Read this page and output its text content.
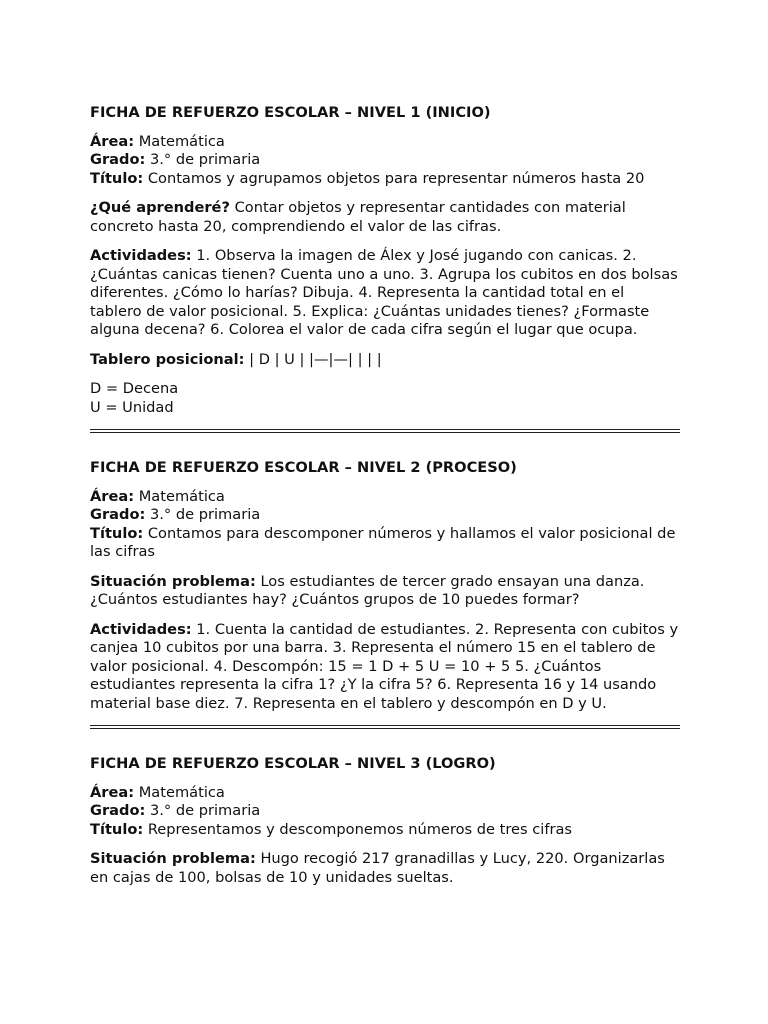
FICHA DE REFUERZO ESCOLAR – NIVEL 1 (INICIO)
Área: Matemática
Grado: 3.° de primaria
Título: Contamos y agrupamos objetos para representar números hasta 20

¿Qué aprenderé? Contar objetos y representar cantidades con material concreto hasta 20, comprendiendo el valor de las cifras.

Actividades: 1. Observa la imagen de Álex y José jugando con canicas. 2. ¿Cuántas canicas tienen? Cuenta uno a uno. 3. Agrupa los cubitos en dos bolsas diferentes. ¿Cómo lo harías? Dibuja. 4. Representa la cantidad total en el tablero de valor posicional. 5. Explica: ¿Cuántas unidades tienes? ¿Formaste alguna decena? 6. Colorea el valor de cada cifra según el lugar que ocupa.

Tablero posicional: | D | U | |—|—| | | |

D = Decena
U = Unidad

FICHA DE REFUERZO ESCOLAR – NIVEL 2 (PROCESO)
Área: Matemática
Grado: 3.° de primaria
Título: Contamos para descomponer números y hallamos el valor posicional de las cifras

Situación problema: Los estudiantes de tercer grado ensayan una danza. ¿Cuántos estudiantes hay? ¿Cuántos grupos de 10 puedes formar?

Actividades: 1. Cuenta la cantidad de estudiantes. 2. Representa con cubitos y canjea 10 cubitos por una barra. 3. Representa el número 15 en el tablero de valor posicional. 4. Descompón: 15 = 1 D + 5 U = 10 + 5 5. ¿Cuántos estudiantes representa la cifra 1? ¿Y la cifra 5? 6. Representa 16 y 14 usando material base diez. 7. Representa en el tablero y descompón en D y U.

FICHA DE REFUERZO ESCOLAR – NIVEL 3 (LOGRO)
Área: Matemática
Grado: 3.° de primaria
Título: Representamos y descomponemos números de tres cifras

Situación problema: Hugo recogió 217 granadillas y Lucy, 220. Organizarlas en cajas de 100, bolsas de 10 y unidades sueltas.
